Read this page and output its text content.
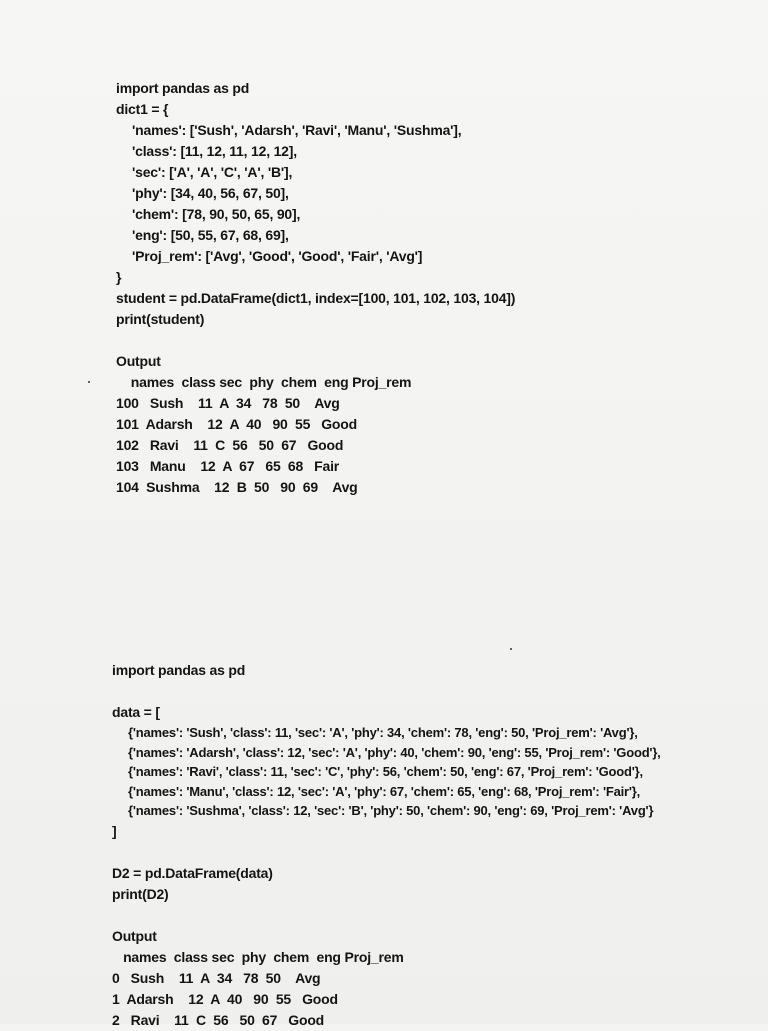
import pandas as pd
dict1 = {
'names': ['Sush', 'Adarsh', 'Ravi', 'Manu', 'Sushma'],
'class': [11, 12, 11, 12, 12],
'sec': ['A', 'A', 'C', 'A', 'B'],
'phy': [34, 40, 56, 67, 50],
'chem': [78, 90, 50, 65, 90],
'eng': [50, 55, 67, 68, 69],
'Proj_rem': ['Avg', 'Good', 'Good', 'Fair', 'Avg']
}
student = pd.DataFrame(dict1, index=[100, 101, 102, 103, 104])
print(student)
Output
names  class sec  phy  chem  eng Proj_rem
100   Sush    11  A  34   78  50    Avg
101  Adarsh    12  A  40   90  55   Good
102   Ravi    11  C  56   50  67   Good
103   Manu    12  A  67   65  68   Fair
104  Sushma    12  B  50   90  69    Avg
import pandas as pd
data = [
{'names': 'Sush', 'class': 11, 'sec': 'A', 'phy': 34, 'chem': 78, 'eng': 50, 'Proj_rem': 'Avg'},
{'names': 'Adarsh', 'class': 12, 'sec': 'A', 'phy': 40, 'chem': 90, 'eng': 55, 'Proj_rem': 'Good'},
{'names': 'Ravi', 'class': 11, 'sec': 'C', 'phy': 56, 'chem': 50, 'eng': 67, 'Proj_rem': 'Good'},
{'names': 'Manu', 'class': 12, 'sec': 'A', 'phy': 67, 'chem': 65, 'eng': 68, 'Proj_rem': 'Fair'},
{'names': 'Sushma', 'class': 12, 'sec': 'B', 'phy': 50, 'chem': 90, 'eng': 69, 'Proj_rem': 'Avg'}
]
D2 = pd.DataFrame(data)
print(D2)
Output
names  class sec  phy  chem  eng Proj_rem
0   Sush    11  A  34   78  50    Avg
1  Adarsh    12  A  40   90  55   Good
2   Ravi    11  C  56   50  67   Good
